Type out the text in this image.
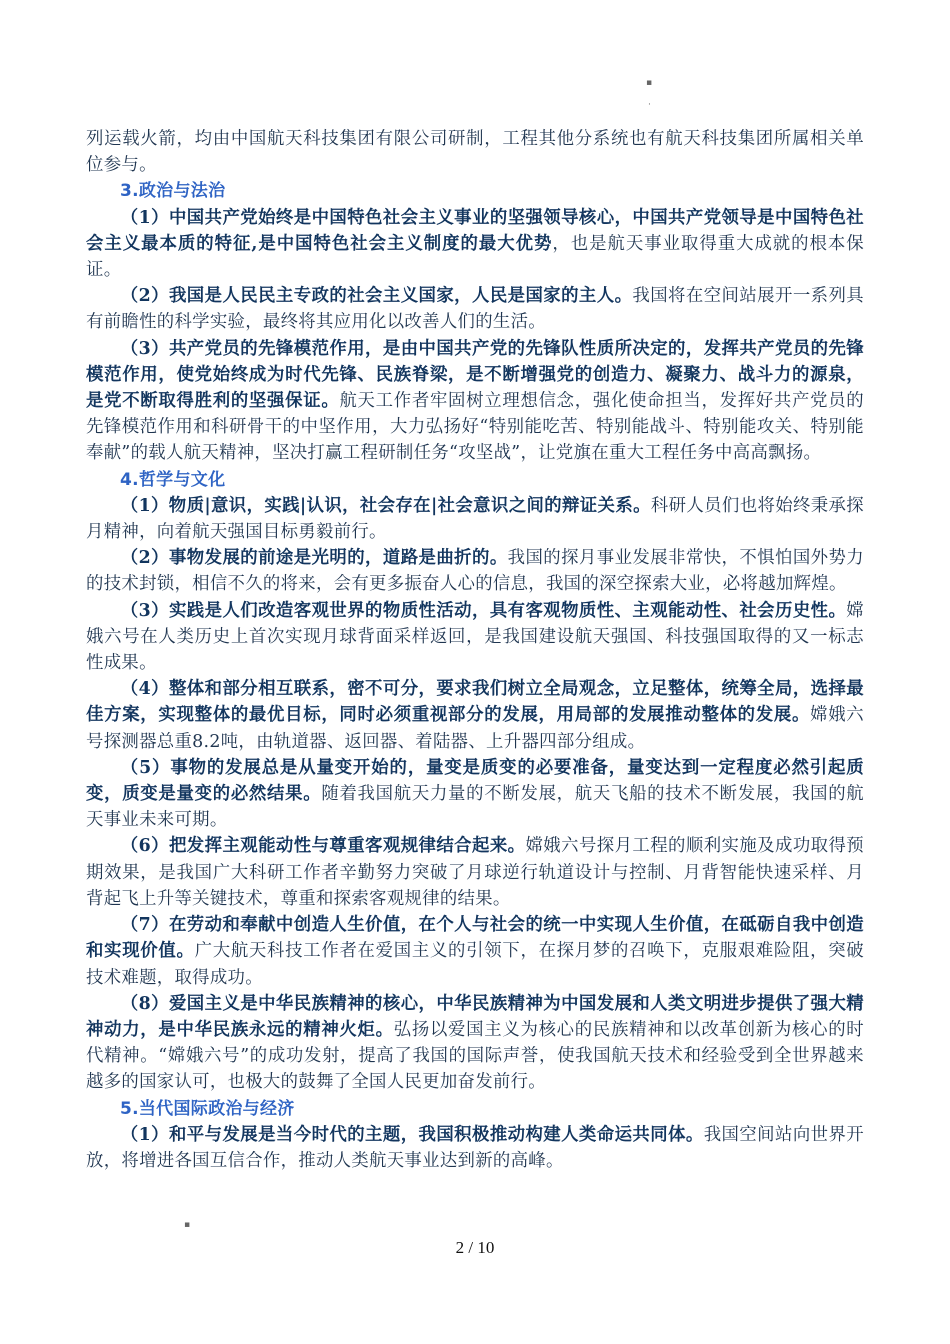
▪
·

列运载火箭，均由中国航天科技集团有限公司研制，工程其他分系统也有航天科技集团所属相关单位参与。

3.政治与法治

（1）中国共产党始终是中国特色社会主义事业的坚强领导核心，中国共产党领导是中国特色社会主义最本质的特征,是中国特色社会主义制度的最大优势，也是航天事业取得重大成就的根本保证。

（2）我国是人民民主专政的社会主义国家，人民是国家的主人。我国将在空间站展开一系列具有前瞻性的科学实验，最终将其应用化以改善人们的生活。

（3）共产党员的先锋模范作用，是由中国共产党的先锋队性质所决定的，发挥共产党员的先锋模范作用，使党始终成为时代先锋、民族脊梁，是不断增强党的创造力、凝聚力、战斗力的源泉，是党不断取得胜利的坚强保证。航天工作者牢固树立理想信念，强化使命担当，发挥好共产党员的先锋模范作用和科研骨干的中坚作用，大力弘扬好“特别能吃苦、特别能战斗、特别能攻关、特别能奉献”的载人航天精神，坚决打赢工程研制任务“攻坚战”，让党旗在重大工程任务中高高飘扬。

4.哲学与文化

（1）物质|意识，实践|认识，社会存在|社会意识之间的辩证关系。科研人员们也将始终秉承探月精神，向着航天强国目标勇毅前行。

（2）事物发展的前途是光明的，道路是曲折的。我国的探月事业发展非常快，不惧怕国外势力的技术封锁，相信不久的将来，会有更多振奋人心的信息，我国的深空探索大业，必将越加辉煌。

（3）实践是人们改造客观世界的物质性活动，具有客观物质性、主观能动性、社会历史性。嫦娥六号在人类历史上首次实现月球背面采样返回，是我国建设航天强国、科技强国取得的又一标志性成果。

（4）整体和部分相互联系，密不可分，要求我们树立全局观念，立足整体，统筹全局，选择最佳方案，实现整体的最优目标，同时必须重视部分的发展，用局部的发展推动整体的发展。嫦娥六号探测器总重8.2吨，由轨道器、返回器、着陆器、上升器四部分组成。

（5）事物的发展总是从量变开始的，量变是质变的必要准备，量变达到一定程度必然引起质变，质变是量变的必然结果。随着我国航天力量的不断发展，航天飞船的技术不断发展，我国的航天事业未来可期。

（6）把发挥主观能动性与尊重客观规律结合起来。嫦娥六号探月工程的顺利实施及成功取得预期效果，是我国广大科研工作者辛勤努力突破了月球逆行轨道设计与控制、月背智能快速采样、月背起飞上升等关键技术，尊重和探索客观规律的结果。

（7）在劳动和奉献中创造人生价值，在个人与社会的统一中实现人生价值，在砥砺自我中创造和实现价值。广大航天科技工作者在爱国主义的引领下，在探月梦的召唤下，克服艰难险阻，突破技术难题，取得成功。

（8）爱国主义是中华民族精神的核心，中华民族精神为中国发展和人类文明进步提供了强大精神动力，是中华民族永远的精神火炬。弘扬以爱国主义为核心的民族精神和以改革创新为核心的时代精神。“嫦娥六号”的成功发射，提高了我国的国际声誉，使我国航天技术和经验受到全世界越来越多的国家认可，也极大的鼓舞了全国人民更加奋发前行。

5.当代国际政治与经济

（1）和平与发展是当今时代的主题，我国积极推动构建人类命运共同体。我国空间站向世界开放，将增进各国互信合作，推动人类航天事业达到新的高峰。

▪
2 / 10
